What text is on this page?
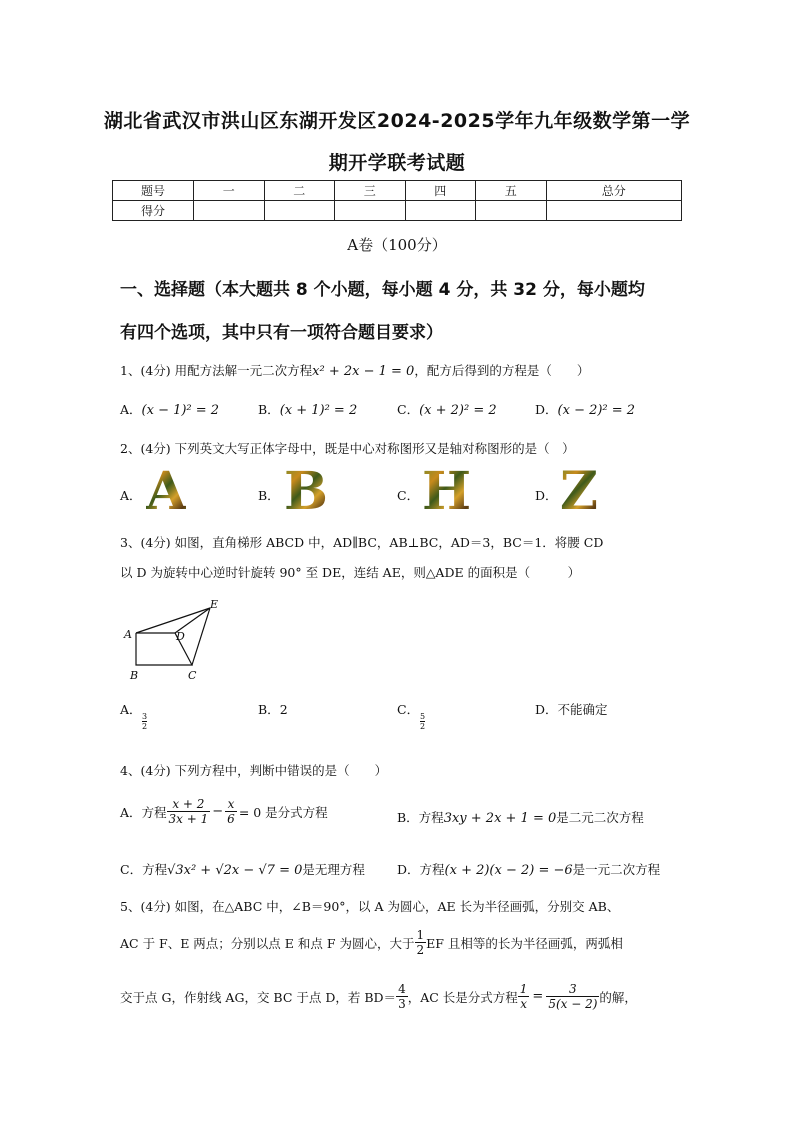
湖北省武汉市洪山区东湖开发区2024-2025学年九年级数学第一学
期开学联考试题
题号	一	二	三	四	五	总分
得分						
A卷（100分）
一、选择题（本大题共 8 个小题，每小题 4 分，共 32 分，每小题均
有四个选项，其中只有一项符合题目要求）
1、(4分) 用配方法解一元二次方程x² + 2x − 1 = 0，配方后得到的方程是（　　）
A．(x − 1)² = 2	B．(x + 1)² = 2	C．(x + 2)² = 2	D．(x − 2)² = 2
2、(4分) 下列英文大写正体字母中，既是中心对称图形又是轴对称图形的是（　）
A． A	B． B	C． H	D． Z
3、(4分) 如图，直角梯形 ABCD 中，AD∥BC，AB⊥BC，AD＝3，BC＝1．将腰 CD
以 D 为旋转中心逆时针旋转 90° 至 DE，连结 AE，则△ADE 的面积是（　　　）
A
B	C
D
E
A．
$\frac{3}{2}$
B．2	C．
$\frac{5}{2}$
D．不能确定
4、(4分) 下列方程中，判断中错误的是（　　）
A．方程 $\frac{x + 2}{3x + 1} - \frac{x}{6} = 0$ 是分式方程	B．方程3xy + 2x + 1 = 0是二元二次方程
C．方程√3x² + √2x − √7 = 0是无理方程	D．方程(x + 2)(x − 2) = −6是一元二次方程
5、(4分) 如图，在△ABC 中，∠B＝90°，以 A 为圆心，AE 长为半径画弧，分别交 AB、
AC 于 F、E 两点；分别以点 E 和点 F 为圆心，大于 $\frac{1}{2}$ EF 且相等的长为半径画弧，两弧相
交于点 G，作射线 AG，交 BC 于点 D，若 $BD= \frac{4}{3}$ ，AC 长是分式方程 $\frac{1}{x} = \frac{3}{5(x - 2)}$ 的解，
